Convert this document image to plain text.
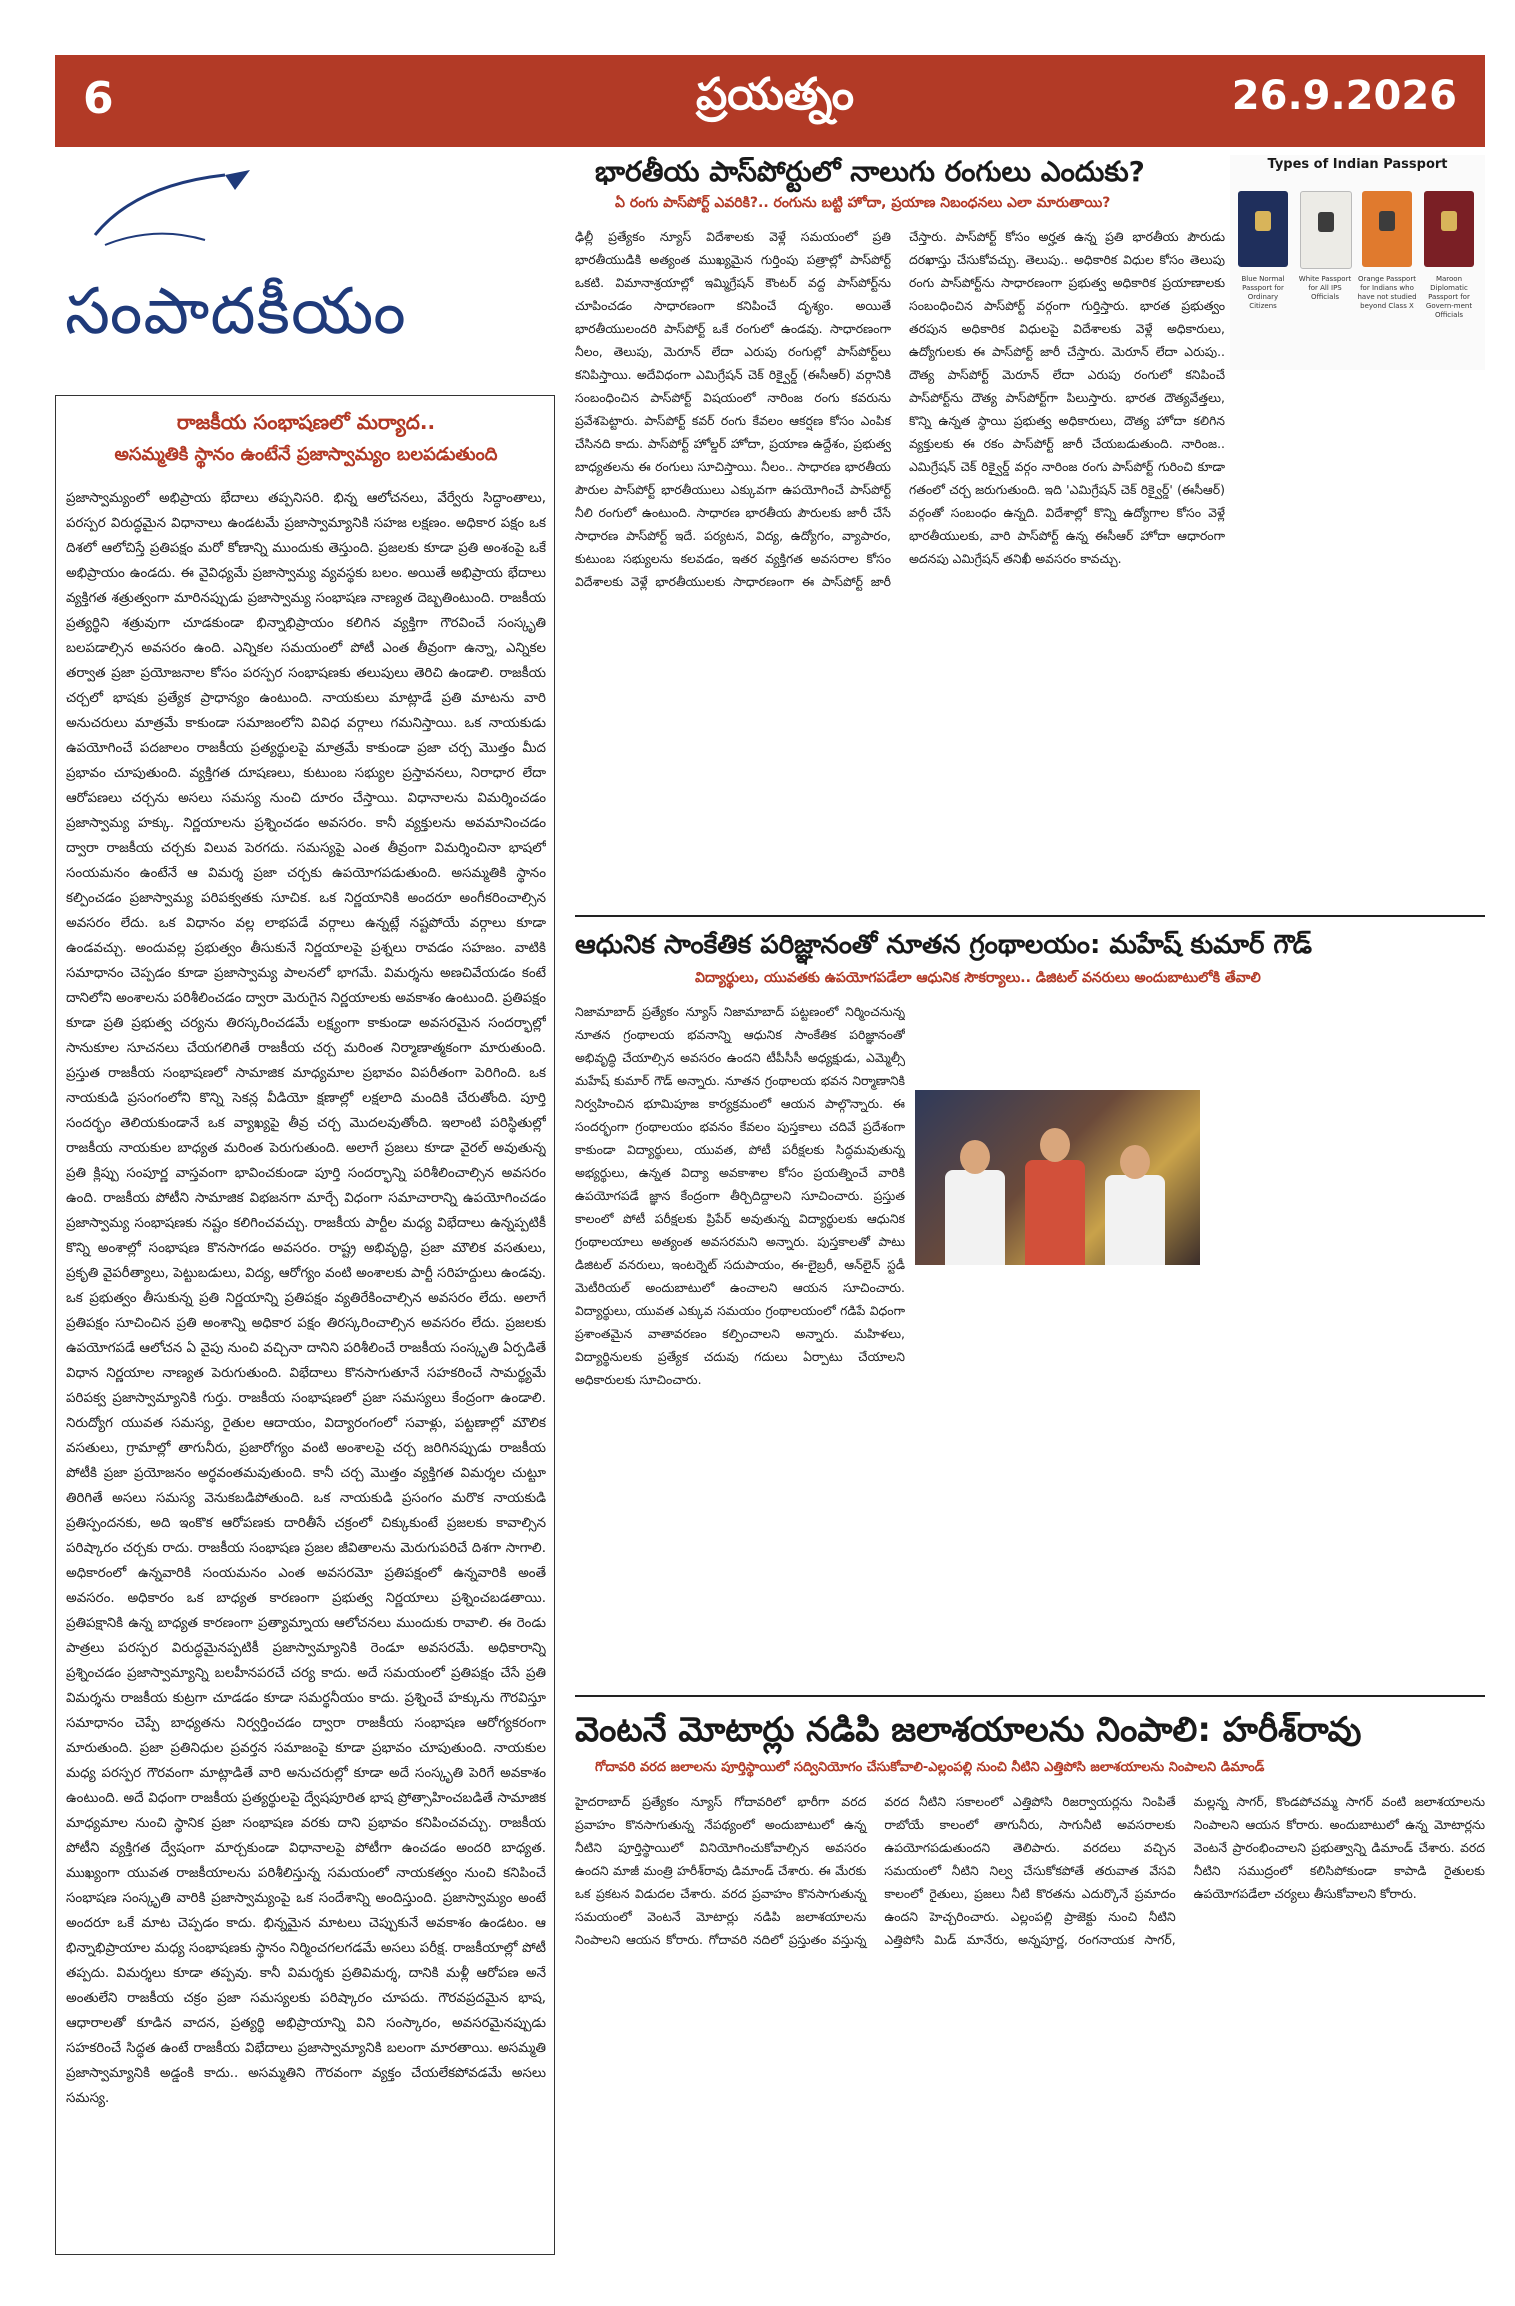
6	ప్రయత్నం	26.9.2026
సంపాదకీయం
రాజకీయ సంభాషణలో మర్యాద..
అసమ్మతికి స్థానం ఉంటేనే ప్రజాస్వామ్యం బలపడుతుంది
ప్రజాస్వామ్యంలో అభిప్రాయ భేదాలు తప్పనిసరి. భిన్న ఆలోచనలు, వేర్వేరు సిద్ధాంతాలు, పరస్పర విరుద్ధమైన విధానాలు ఉండటమే ప్రజాస్వామ్యానికి సహజ లక్షణం. అధికార పక్షం ఒక దిశలో ఆలోచిస్తే ప్రతిపక్షం మరో కోణాన్ని ముందుకు తెస్తుంది. ప్రజలకు కూడా ప్రతి అంశంపై ఒకే అభిప్రాయం ఉండదు. ఈ వైవిధ్యమే ప్రజాస్వామ్య వ్యవస్థకు బలం. అయితే అభిప్రాయ భేదాలు వ్యక్తిగత శత్రుత్వంగా మారినప్పుడు ప్రజాస్వామ్య సంభాషణ నాణ్యత దెబ్బతింటుంది. రాజకీయ ప్రత్యర్థిని శత్రువుగా చూడకుండా భిన్నాభిప్రాయం కలిగిన వ్యక్తిగా గౌరవించే సంస్కృతి బలపడాల్సిన అవసరం ఉంది. ఎన్నికల సమయంలో పోటీ ఎంత తీవ్రంగా ఉన్నా, ఎన్నికల తర్వాత ప్రజా ప్రయోజనాల కోసం పరస్పర సంభాషణకు తలుపులు తెరిచి ఉండాలి. రాజకీయ చర్చలో భాషకు ప్రత్యేక ప్రాధాన్యం ఉంటుంది. నాయకులు మాట్లాడే ప్రతి మాటను వారి అనుచరులు మాత్రమే కాకుండా సమాజంలోని వివిధ వర్గాలు గమనిస్తాయి. ఒక నాయకుడు ఉపయోగించే పదజాలం రాజకీయ ప్రత్యర్థులపై మాత్రమే కాకుండా ప్రజా చర్చ మొత్తం మీద ప్రభావం చూపుతుంది. వ్యక్తిగత దూషణలు, కుటుంబ సభ్యుల ప్రస్తావనలు, నిరాధార లేదా ఆరోపణలు చర్చను అసలు సమస్య నుంచి దూరం చేస్తాయి. విధానాలను విమర్శించడం ప్రజాస్వామ్య హక్కు. నిర్ణయాలను ప్రశ్నించడం అవసరం. కానీ వ్యక్తులను అవమానించడం ద్వారా రాజకీయ చర్చకు విలువ పెరగదు. సమస్యపై ఎంత తీవ్రంగా విమర్శించినా భాషలో సంయమనం ఉంటేనే ఆ విమర్శ ప్రజా చర్చకు ఉపయోగపడుతుంది. అసమ్మతికి స్థానం కల్పించడం ప్రజాస్వామ్య పరిపక్వతకు సూచిక. ఒక నిర్ణయానికి అందరూ అంగీకరించాల్సిన అవసరం లేదు. ఒక విధానం వల్ల లాభపడే వర్గాలు ఉన్నట్లే నష్టపోయే వర్గాలు కూడా ఉండవచ్చు. అందువల్ల ప్రభుత్వం తీసుకునే నిర్ణయాలపై ప్రశ్నలు రావడం సహజం. వాటికి సమాధానం చెప్పడం కూడా ప్రజాస్వామ్య పాలనలో భాగమే. విమర్శను అణచివేయడం కంటే దానిలోని అంశాలను పరిశీలించడం ద్వారా మెరుగైన నిర్ణయాలకు అవకాశం ఉంటుంది. ప్రతిపక్షం కూడా ప్రతి ప్రభుత్వ చర్యను తిరస్కరించడమే లక్ష్యంగా కాకుండా అవసరమైన సందర్భాల్లో సానుకూల సూచనలు చేయగలిగితే రాజకీయ చర్చ మరింత నిర్మాణాత్మకంగా మారుతుంది. ప్రస్తుత రాజకీయ సంభాషణలో సామాజిక మాధ్యమాల ప్రభావం విపరీతంగా పెరిగింది. ఒక నాయకుడి ప్రసంగంలోని కొన్ని సెకన్ల వీడియో క్షణాల్లో లక్షలాది మందికి చేరుతోంది. పూర్తి సందర్భం తెలియకుండానే ఒక వ్యాఖ్యపై తీవ్ర చర్చ మొదలవుతోంది. ఇలాంటి పరిస్థితుల్లో రాజకీయ నాయకుల బాధ్యత మరింత పెరుగుతుంది. అలాగే ప్రజలు కూడా వైరల్ అవుతున్న ప్రతి క్లిప్పు సంపూర్ణ వాస్తవంగా భావించకుండా పూర్తి సందర్భాన్ని పరిశీలించాల్సిన అవసరం ఉంది. రాజకీయ పోటీని సామాజిక విభజనగా మార్చే విధంగా సమాచారాన్ని ఉపయోగించడం ప్రజాస్వామ్య సంభాషణకు నష్టం కలిగించవచ్చు. రాజకీయ పార్టీల మధ్య విభేదాలు ఉన్నప్పటికీ కొన్ని అంశాల్లో సంభాషణ కొనసాగడం అవసరం. రాష్ట్ర అభివృద్ధి, ప్రజా మౌలిక వసతులు, ప్రకృతి వైపరీత్యాలు, పెట్టుబడులు, విద్య, ఆరోగ్యం వంటి అంశాలకు పార్టీ సరిహద్దులు ఉండవు. ఒక ప్రభుత్వం తీసుకున్న ప్రతి నిర్ణయాన్ని ప్రతిపక్షం వ్యతిరేకించాల్సిన అవసరం లేదు. అలాగే ప్రతిపక్షం సూచించిన ప్రతి అంశాన్ని అధికార పక్షం తిరస్కరించాల్సిన అవసరం లేదు. ప్రజలకు ఉపయోగపడే ఆలోచన ఏ వైపు నుంచి వచ్చినా దానిని పరిశీలించే రాజకీయ సంస్కృతి ఏర్పడితే విధాన నిర్ణయాల నాణ్యత పెరుగుతుంది. విభేదాలు కొనసాగుతూనే సహకరించే సామర్థ్యమే పరిపక్వ ప్రజాస్వామ్యానికి గుర్తు. రాజకీయ సంభాషణలో ప్రజా సమస్యలు కేంద్రంగా ఉండాలి. నిరుద్యోగ యువత సమస్య, రైతుల ఆదాయం, విద్యారంగంలో సవాళ్లు, పట్టణాల్లో మౌలిక వసతులు, గ్రామాల్లో తాగునీరు, ప్రజారోగ్యం వంటి అంశాలపై చర్చ జరిగినప్పుడు రాజకీయ పోటీకి ప్రజా ప్రయోజనం అర్థవంతమవుతుంది. కానీ చర్చ మొత్తం వ్యక్తిగత విమర్శల చుట్టూ తిరిగితే అసలు సమస్య వెనుకబడిపోతుంది. ఒక నాయకుడి ప్రసంగం మరొక నాయకుడి ప్రతిస్పందనకు, అది ఇంకొక ఆరోపణకు దారితీసే చక్రంలో చిక్కుకుంటే ప్రజలకు కావాల్సిన పరిష్కారం చర్చకు రాదు. రాజకీయ సంభాషణ ప్రజల జీవితాలను మెరుగుపరిచే దిశగా సాగాలి. అధికారంలో ఉన్నవారికి సంయమనం ఎంత అవసరమో ప్రతిపక్షంలో ఉన్నవారికి అంతే అవసరం. అధికారం ఒక బాధ్యత కారణంగా ప్రభుత్వ నిర్ణయాలు ప్రశ్నించబడతాయి. ప్రతిపక్షానికి ఉన్న బాధ్యత కారణంగా ప్రత్యామ్నాయ ఆలోచనలు ముందుకు రావాలి. ఈ రెండు పాత్రలు పరస్పర విరుద్ధమైనప్పటికీ ప్రజాస్వామ్యానికి రెండూ అవసరమే. అధికారాన్ని ప్రశ్నించడం ప్రజాస్వామ్యాన్ని బలహీనపరచే చర్య కాదు. అదే సమయంలో ప్రతిపక్షం చేసే ప్రతి విమర్శను రాజకీయ కుట్రగా చూడడం కూడా సమర్థనీయం కాదు. ప్రశ్నించే హక్కును గౌరవిస్తూ సమాధానం చెప్పే బాధ్యతను నిర్వర్తించడం ద్వారా రాజకీయ సంభాషణ ఆరోగ్యకరంగా మారుతుంది. ప్రజా ప్రతినిధుల ప్రవర్తన సమాజంపై కూడా ప్రభావం చూపుతుంది. నాయకుల మధ్య పరస్పర గౌరవంగా మాట్లాడితే వారి అనుచరుల్లో కూడా అదే సంస్కృతి పెరిగే అవకాశం ఉంటుంది. అదే విధంగా రాజకీయ ప్రత్యర్థులపై ద్వేషపూరిత భాష ప్రోత్సాహించబడితే సామాజిక మాధ్యమాల నుంచి స్థానిక ప్రజా సంభాషణ వరకు దాని ప్రభావం కనిపించవచ్చు. రాజకీయ పోటీని వ్యక్తిగత ద్వేషంగా మార్చకుండా విధానాలపై పోటీగా ఉంచడం అందరి బాధ్యత. ముఖ్యంగా యువత రాజకీయాలను పరిశీలిస్తున్న సమయంలో నాయకత్వం నుంచి కనిపించే సంభాషణ సంస్కృతి వారికి ప్రజాస్వామ్యంపై ఒక సందేశాన్ని అందిస్తుంది. ప్రజాస్వామ్యం అంటే అందరూ ఒకే మాట చెప్పడం కాదు. భిన్నమైన మాటలు చెప్పుకునే అవకాశం ఉండటం. ఆ భిన్నాభిప్రాయాల మధ్య సంభాషణకు స్థానం నిర్మించగలగడమే అసలు పరీక్ష. రాజకీయాల్లో పోటీ తప్పదు. విమర్శలు కూడా తప్పవు. కానీ విమర్శకు ప్రతివిమర్శ, దానికి మళ్లీ ఆరోపణ అనే అంతులేని రాజకీయ చక్రం ప్రజా సమస్యలకు పరిష్కారం చూపదు. గౌరవప్రదమైన భాష, ఆధారాలతో కూడిన వాదన, ప్రత్యర్థి అభిప్రాయాన్ని విని సంస్కారం, అవసరమైనప్పుడు సహకరించే సిద్ధత ఉంటే రాజకీయ విభేదాలు ప్రజాస్వామ్యానికి బలంగా మారతాయి. అసమ్మతి ప్రజాస్వామ్యానికి అడ్డంకి కాదు.. అసమ్మతిని గౌరవంగా వ్యక్తం చేయలేకపోవడమే అసలు సమస్య.
భారతీయ పాస్‌పోర్టులో నాలుగు రంగులు ఎందుకు?
ఏ రంగు పాస్‌పోర్ట్ ఎవరికి?.. రంగును బట్టి హోదా, ప్రయాణ నిబంధనలు ఎలా మారుతాయి?
ఢిల్లీ ప్రత్యేకం న్యూస్ విదేశాలకు వెళ్లే సమయంలో ప్రతి భారతీయుడికి అత్యంత ముఖ్యమైన గుర్తింపు పత్రాల్లో పాస్‌పోర్ట్ ఒకటి. విమానాశ్రయాల్లో ఇమ్మిగ్రేషన్ కౌంటర్ వద్ద పాస్‌పోర్ట్‌ను చూపించడం సాధారణంగా కనిపించే దృశ్యం. అయితే భారతీయులందరి పాస్‌పోర్ట్ ఒకే రంగులో ఉండవు. సాధారణంగా నీలం, తెలుపు, మెరూన్ లేదా ఎరుపు రంగుల్లో పాస్‌పోర్ట్‌లు కనిపిస్తాయి. అదేవిధంగా ఎమిగ్రేషన్ చెక్ రిక్వైర్డ్ (ఈసీఆర్) వర్గానికి సంబంధించిన పాస్‌పోర్ట్ విషయంలో నారింజ రంగు కవరును ప్రవేశపెట్టారు. పాస్‌పోర్ట్ కవర్ రంగు కేవలం ఆకర్షణ కోసం ఎంపిక చేసినది కాదు. పాస్‌పోర్ట్ హోల్డర్ హోదా, ప్రయాణ ఉద్దేశం, ప్రభుత్వ బాధ్యతలను ఈ రంగులు సూచిస్తాయి. నీలం.. సాధారణ భారతీయ పౌరుల పాస్‌పోర్ట్ భారతీయులు ఎక్కువగా ఉపయోగించే పాస్‌పోర్ట్ నీలి రంగులో ఉంటుంది. సాధారణ భారతీయ పౌరులకు జారీ చేసే సాధారణ పాస్‌పోర్ట్ ఇదే. పర్యటన, విద్య, ఉద్యోగం, వ్యాపారం, కుటుంబ సభ్యులను కలవడం, ఇతర వ్యక్తిగత అవసరాల కోసం విదేశాలకు వెళ్లే భారతీయులకు సాధారణంగా ఈ పాస్‌పోర్ట్ జారీ చేస్తారు. పాస్‌పోర్ట్ కోసం అర్హత ఉన్న ప్రతి భారతీయ పౌరుడు దరఖాస్తు చేసుకోవచ్చు. తెలుపు.. అధికారిక విధుల కోసం తెలుపు రంగు పాస్‌పోర్ట్‌ను సాధారణంగా ప్రభుత్వ అధికారిక ప్రయాణాలకు సంబంధించిన పాస్‌పోర్ట్ వర్గంగా గుర్తిస్తారు. భారత ప్రభుత్వం తరపున అధికారిక విధులపై విదేశాలకు వెళ్లే అధికారులు, ఉద్యోగులకు ఈ పాస్‌పోర్ట్ జారీ చేస్తారు. మెరూన్ లేదా ఎరుపు.. దౌత్య పాస్‌పోర్ట్ మెరూన్ లేదా ఎరుపు రంగులో కనిపించే పాస్‌పోర్ట్‌ను దౌత్య పాస్‌పోర్ట్‌గా పిలుస్తారు. భారత దౌత్యవేత్తలు, కొన్ని ఉన్నత స్థాయి ప్రభుత్వ అధికారులు, దౌత్య హోదా కలిగిన వ్యక్తులకు ఈ రకం పాస్‌పోర్ట్ జారీ చేయబడుతుంది. నారింజ.. ఎమిగ్రేషన్ చెక్ రిక్వైర్డ్ వర్గం నారింజ రంగు పాస్‌పోర్ట్ గురించి కూడా గతంలో చర్చ జరుగుతుంది. ఇది 'ఎమిగ్రేషన్ చెక్ రిక్వైర్డ్' (ఈసీఆర్) వర్గంతో సంబంధం ఉన్నది. విదేశాల్లో కొన్ని ఉద్యోగాల కోసం వెళ్లే భారతీయులకు, వారి పాస్‌పోర్ట్ ఉన్న ఈసీఆర్ హోదా ఆధారంగా అదనపు ఎమిగ్రేషన్ తనిఖీ అవసరం కావచ్చు.
Types of Indian Passport
Blue Normal Passport for Ordinary Citizens
White Passport for All IPS Officials
Orange Passport for Indians who have not studied beyond Class X
Maroon Diplomatic Passport for Govern-ment Officials
ఆధునిక సాంకేతిక పరిజ్ఞానంతో నూతన గ్రంథాలయం: మహేష్ కుమార్ గౌడ్
విద్యార్థులు, యువతకు ఉపయోగపడేలా ఆధునిక సౌకర్యాలు.. డిజిటల్ వనరులు అందుబాటులోకి తేవాలి
నిజామాబాద్ ప్రత్యేకం న్యూస్ నిజామాబాద్ పట్టణంలో నిర్మించనున్న నూతన గ్రంథాలయ భవనాన్ని ఆధునిక సాంకేతిక పరిజ్ఞానంతో అభివృద్ధి చేయాల్సిన అవసరం ఉందని టీపీసీసీ అధ్యక్షుడు, ఎమ్మెల్సీ మహేష్ కుమార్ గౌడ్ అన్నారు. నూతన గ్రంథాలయ భవన నిర్మాణానికి నిర్వహించిన భూమిపూజ కార్యక్రమంలో ఆయన పాల్గొన్నారు. ఈ సందర్భంగా గ్రంథాలయం భవనం కేవలం పుస్తకాలు చదివే ప్రదేశంగా కాకుండా విద్యార్థులు, యువత, పోటీ పరీక్షలకు సిద్ధమవుతున్న అభ్యర్థులు, ఉన్నత విద్యా అవకాశాల కోసం ప్రయత్నించే వారికి ఉపయోగపడే జ్ఞాన కేంద్రంగా తీర్చిదిద్దాలని సూచించారు. ప్రస్తుత కాలంలో పోటీ పరీక్షలకు ప్రిపేర్ అవుతున్న విద్యార్థులకు ఆధునిక గ్రంథాలయాలు అత్యంత అవసరమని అన్నారు. పుస్తకాలతో పాటు డిజిటల్ వనరులు, ఇంటర్నెట్ సదుపాయం, ఈ-లైబ్రరీ, ఆన్‌లైన్ స్టడీ మెటీరియల్ అందుబాటులో ఉంచాలని ఆయన సూచించారు. విద్యార్థులు, యువత ఎక్కువ సమయం గ్రంథాలయంలో గడిపే విధంగా ప్రశాంతమైన వాతావరణం కల్పించాలని అన్నారు. మహిళలు, విద్యార్థినులకు ప్రత్యేక చదువు గదులు ఏర్పాటు చేయాలని అధికారులకు సూచించారు.
వెంటనే మోటార్లు నడిపి జలాశయాలను నింపాలి: హరీశ్‌రావు
గోదావరి వరద జలాలను పూర్తిస్థాయిలో సద్వినియోగం చేసుకోవాలి-ఎల్లంపల్లి నుంచి నీటిని ఎత్తిపోసి జలాశయాలను నింపాలని డిమాండ్
హైదరాబాద్ ప్రత్యేకం న్యూస్ గోదావరిలో భారీగా వరద ప్రవాహం కొనసాగుతున్న నేపథ్యంలో అందుబాటులో ఉన్న నీటిని పూర్తిస్థాయిలో వినియోగించుకోవాల్సిన అవసరం ఉందని మాజీ మంత్రి హరీశ్‌రావు డిమాండ్ చేశారు. ఈ మేరకు ఒక ప్రకటన విడుదల చేశారు. వరద ప్రవాహం కొనసాగుతున్న సమయంలో వెంటనే మోటార్లు నడిపి జలాశయాలను నింపాలని ఆయన కోరారు. గోదావరి నదిలో ప్రస్తుతం వస్తున్న వరద నీటిని సకాలంలో ఎత్తిపోసి రిజర్వాయర్లను నింపితే రాబోయే కాలంలో తాగునీరు, సాగునీటి అవసరాలకు ఉపయోగపడుతుందని తెలిపారు. వరదలు వచ్చిన సమయంలో నీటిని నిల్వ చేసుకోకపోతే తరువాత వేసవి కాలంలో రైతులు, ప్రజలు నీటి కొరతను ఎదుర్కొనే ప్రమాదం ఉందని హెచ్చరించారు. ఎల్లంపల్లి ప్రాజెక్టు నుంచి నీటిని ఎత్తిపోసి మిడ్ మానేరు, అన్నపూర్ణ, రంగనాయక సాగర్, మల్లన్న సాగర్, కొండపోచమ్మ సాగర్ వంటి జలాశయాలను నింపాలని ఆయన కోరారు. అందుబాటులో ఉన్న మోటార్లను వెంటనే ప్రారంభించాలని ప్రభుత్వాన్ని డిమాండ్ చేశారు. వరద నీటిని సముద్రంలో కలిసిపోకుండా కాపాడి రైతులకు ఉపయోగపడేలా చర్యలు తీసుకోవాలని కోరారు.
